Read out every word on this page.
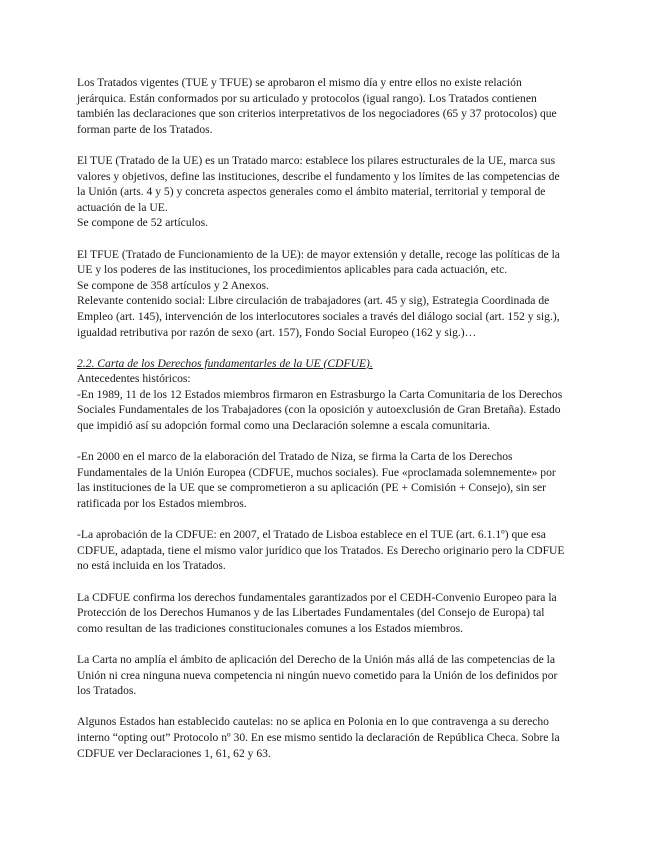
Los Tratados vigentes (TUE y TFUE) se aprobaron el mismo día y entre ellos no existe relación
jerárquica. Están conformados por su articulado y protocolos (igual rango). Los Tratados contienen
también las declaraciones que son criterios interpretativos de los negociadores (65 y 37 protocolos) que
forman parte de los Tratados.
El TUE (Tratado de la UE) es un Tratado marco: establece los pilares estructurales de la UE, marca sus
valores y objetivos, define las instituciones, describe el fundamento y los límites de las competencias de
la Unión (arts. 4 y 5) y concreta aspectos generales como el ámbito material, territorial y temporal de
actuación de la UE.
Se compone de 52 artículos.
El TFUE (Tratado de Funcionamiento de la UE): de mayor extensión y detalle, recoge las políticas de la
UE y los poderes de las instituciones, los procedimientos aplicables para cada actuación, etc.
Se compone de 358 artículos y 2 Anexos.
Relevante contenido social: Libre circulación de trabajadores (art. 45 y sig), Estrategia Coordinada de
Empleo (art. 145), intervención de los interlocutores sociales a través del diálogo social (art. 152 y sig.),
igualdad retributiva por razón de sexo (art. 157), Fondo Social Europeo (162 y sig.)…
2.2. Carta de los Derechos fundamentarles de la UE (CDFUE).
Antecedentes históricos:
-En 1989, 11 de los 12 Estados miembros firmaron en Estrasburgo la Carta Comunitaria de los Derechos
Sociales Fundamentales de los Trabajadores (con la oposición y autoexclusión de Gran Bretaña). Estado
que impidió así su adopción formal como una Declaración solemne a escala comunitaria.
-En 2000 en el marco de la elaboración del Tratado de Niza, se firma la Carta de los Derechos
Fundamentales de la Unión Europea (CDFUE, muchos sociales). Fue «proclamada solemnemente» por
las instituciones de la UE que se comprometieron a su aplicación (PE + Comisión + Consejo), sin ser
ratificada por los Estados miembros.
-La aprobación de la CDFUE: en 2007, el Tratado de Lisboa establece en el TUE (art. 6.1.1º) que esa
CDFUE, adaptada, tiene el mismo valor jurídico que los Tratados. Es Derecho originario pero la CDFUE
no está incluida en los Tratados.
La CDFUE confirma los derechos fundamentales garantizados por el CEDH-Convenio Europeo para la
Protección de los Derechos Humanos y de las Libertades Fundamentales (del Consejo de Europa) tal
como resultan de las tradiciones constitucionales comunes a los Estados miembros.
La Carta no amplía el ámbito de aplicación del Derecho de la Unión más allá de las competencias de la
Unión ni crea ninguna nueva competencia ni ningún nuevo cometido para la Unión de los definidos por
los Tratados.
Algunos Estados han establecido cautelas: no se aplica en Polonia en lo que contravenga a su derecho
interno “opting out” Protocolo nº 30. En ese mismo sentido la declaración de República Checa. Sobre la
CDFUE ver Declaraciones 1, 61, 62 y 63.
